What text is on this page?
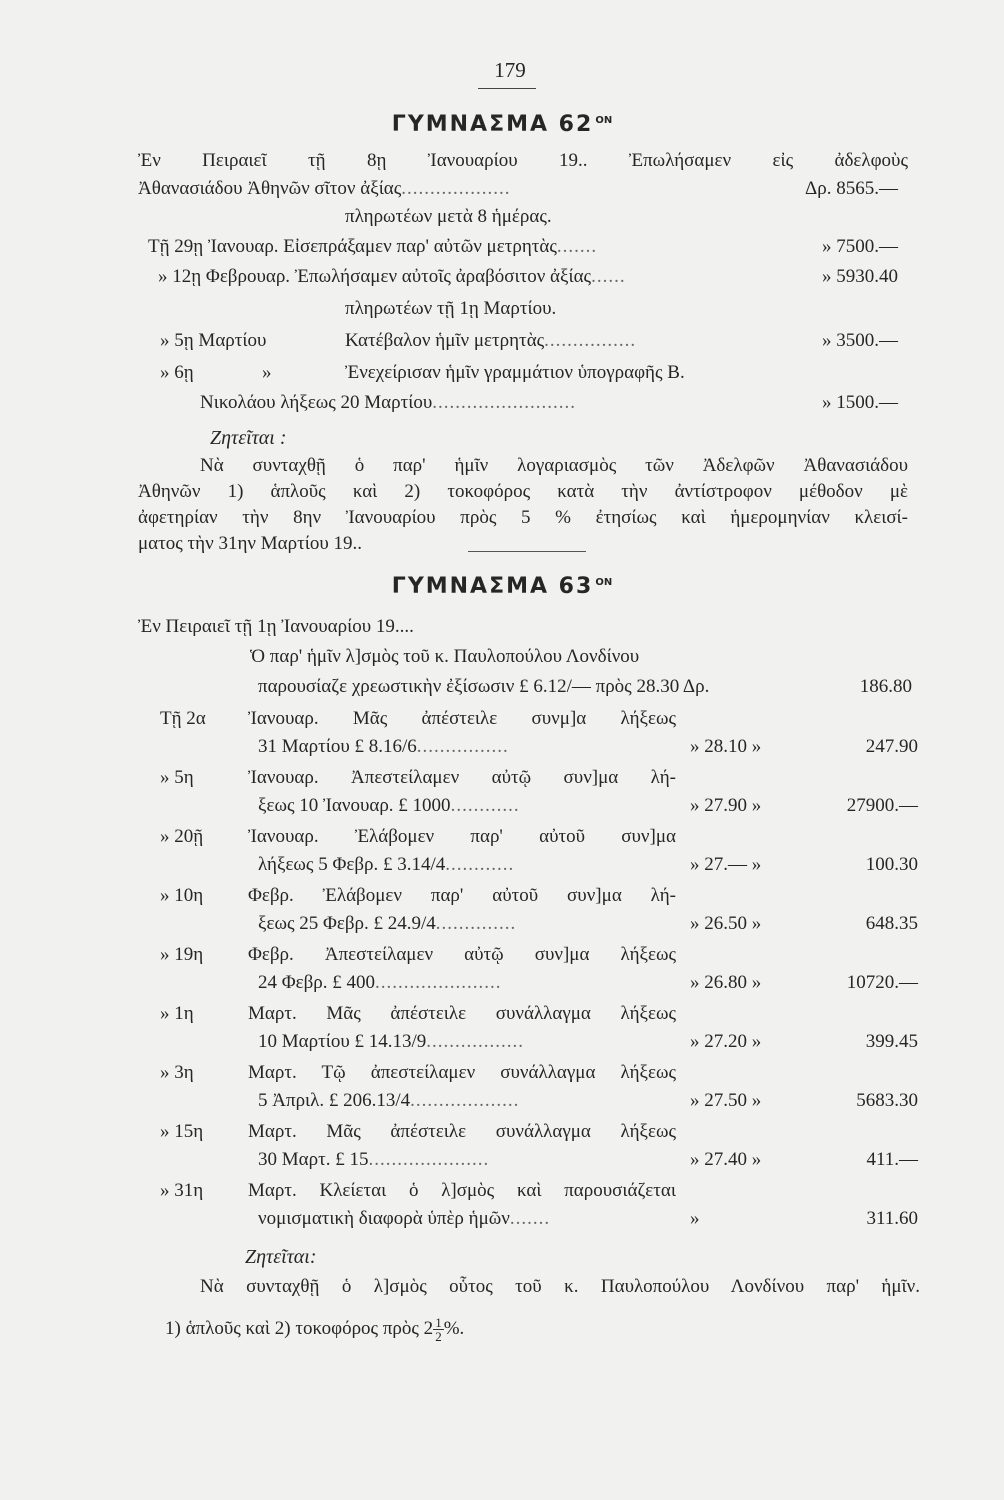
179
ΓΥΜΝΑΣΜΑ 62 $^{ON}$
Ἐν Πειραιεῖ τῇ 8ῃ Ἰανουαρίου 19.. Ἐπωλήσαμεν εἰς ἀδελφοὺς
Ἀθανασιάδου Ἀθηνῶν σῖτον ἀξίας...................	Δρ. 8565.—
πληρωτέων μετὰ 8 ἡμέρας.
Τῇ 29ῃ Ἰανουαρ. Εἰσεπράξαμεν παρ' αὐτῶν μετρητὰς.......	» 7500.—
» 12ῃ Φεβρουαρ. Ἐπωλήσαμεν αὐτοῖς ἀραβόσιτον ἀξίας......	» 5930.40
πληρωτέων τῇ 1ῃ Μαρτίου.
» 5ῃ Μαρτίου	Κατέβαλον ἡμῖν μετρητὰς................	» 3500.—
» 6ῃ	»	Ἐνεχείρισαν ἡμῖν γραμμάτιον ὑπογραφῆς Β.
Νικολάου λήξεως 20 Μαρτίου.........................	» 1500.—
Ζητεῖται :
Νὰ συνταχθῇ ὁ παρ' ἡμῖν λογαριασμὸς τῶν Ἀδελφῶν Ἀθανασιάδου
Ἀθηνῶν 1) ἁπλοῦς καὶ 2) τοκοφόρος κατὰ τὴν ἀντίστροφον μέθοδον μὲ
ἀφετηρίαν τὴν 8ην Ἰανουαρίου πρὸς 5 % ἐτησίως καὶ ἡμερομηνίαν κλεισί-
ματος τὴν 31ην Μαρτίου 19..
ΓΥΜΝΑΣΜΑ 63 $^{ON}$
Ἐν Πειραιεῖ τῇ 1ῃ Ἰανουαρίου 19....
Ὁ παρ' ἡμῖν λ]σμὸς τοῦ κ. Παυλοπούλου Λονδίνου
παρουσίαζε χρεωστικὴν ἐξίσωσιν £ 6.12/— πρὸς 28.30 Δρ.	186.80
Τῇ 2α Ἰανουαρ. Μᾶς ἀπέστειλε συνμ]α λήξεως
31 Μαρτίου £ 8.16/6................	» 28.10 »	247.90
» 5η	Ἰανουαρ. Ἀπεστείλαμεν αὐτῷ συν]μα λή-
ξεως 10 Ἰανουαρ. £ 1000............	» 27.90 »	27900.—
» 20ῇ Ἰανουαρ. Ἐλάβομεν παρ' αὐτοῦ συν]μα
λήξεως 5 Φεβρ. £ 3.14/4............	» 27.— »	100.30
» 10η Φεβρ. Ἐλάβομεν παρ' αὐτοῦ συν]μα λή-
ξεως 25 Φεβρ. £ 24.9/4..............	» 26.50 »	648.35
» 19η Φεβρ. Ἀπεστείλαμεν αὐτῷ συν]μα λήξεως
24 Φεβρ. £ 400......................	» 26.80 »	10720.—
» 1η	Μαρτ. Μᾶς ἀπέστειλε συνάλλαγμα λήξεως
10 Μαρτίου £ 14.13/9.................	» 27.20 »	399.45
» 3η	Μαρτ. Τῷ ἀπεστείλαμεν συνάλλαγμα λήξεως
5 Ἀπριλ. £ 206.13/4...................	» 27.50 »	5683.30
» 15η Μαρτ. Μᾶς ἀπέστειλε συνάλλαγμα λήξεως
30 Μαρτ. £ 15.....................	» 27.40 »	411.—
» 31η Μαρτ. Κλείεται ὁ λ]σμὸς καὶ παρουσιάζεται
νομισματικὴ διαφορὰ ὑπὲρ ἡμῶν.......	»	311.60
Ζητεῖται:
Νὰ συνταχθῇ ὁ λ]σμὸς οὗτος τοῦ κ. Παυλοπούλου Λονδίνου παρ' ἡμῖν.
1) ἁπλοῦς καὶ 2) τοκοφόρος πρὸς $2 \frac{1}{2}$ %.
